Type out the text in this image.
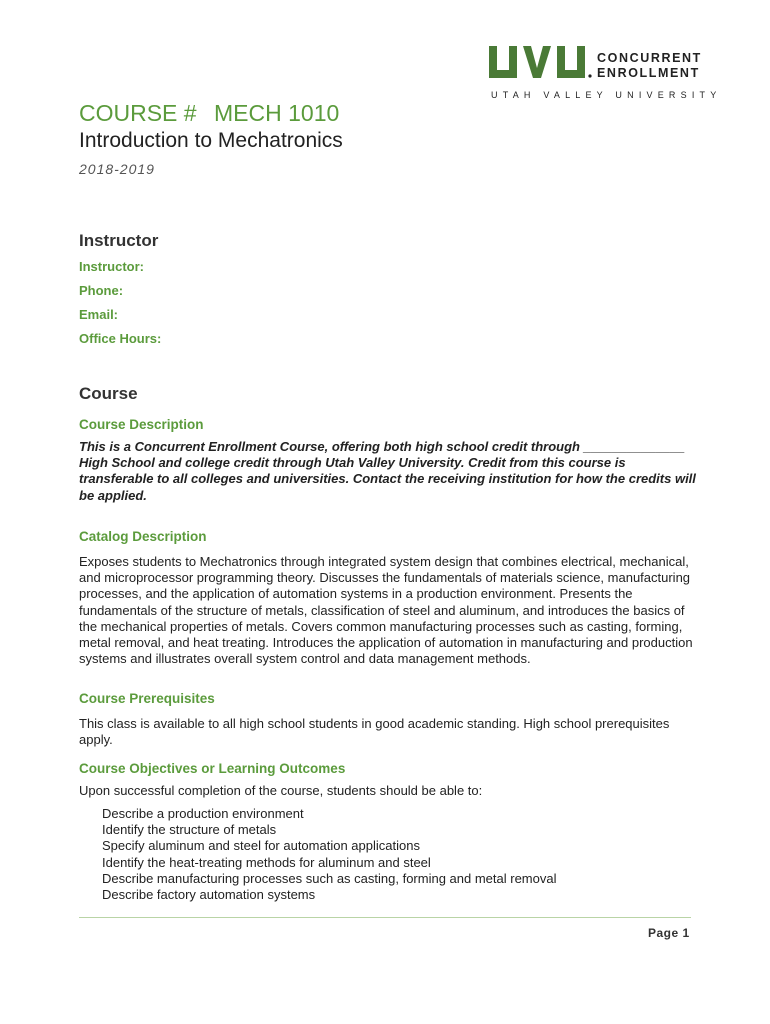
CONCURRENT
ENROLLMENT
UTAH VALLEY UNIVERSITY
COURSE # MECH 1010
Introduction to Mechatronics
2018-2019
Instructor
Instructor:
Phone:
Email:
Office Hours:
Course
Course Description
This is a Concurrent Enrollment Course, offering both high school credit through ______________ High School and college credit through Utah Valley University. Credit from this course is transferable to all colleges and universities. Contact the receiving institution for how the credits will be applied.
Catalog Description
Exposes students to Mechatronics through integrated system design that combines electrical, mechanical, and microprocessor programming theory. Discusses the fundamentals of materials science, manufacturing processes, and the application of automation systems in a production environment. Presents the fundamentals of the structure of metals, classification of steel and aluminum, and introduces the basics of the mechanical properties of metals. Covers common manufacturing processes such as casting, forming, metal removal, and heat treating. Introduces the application of automation in manufacturing and production systems and illustrates overall system control and data management methods.
Course Prerequisites
This class is available to all high school students in good academic standing. High school prerequisites apply.
Course Objectives or Learning Outcomes
Upon successful completion of the course, students should be able to:
Describe a production environment
Identify the structure of metals
Specify aluminum and steel for automation applications
Identify the heat-treating methods for aluminum and steel
Describe manufacturing processes such as casting, forming and metal removal
Describe factory automation systems
Page 1
